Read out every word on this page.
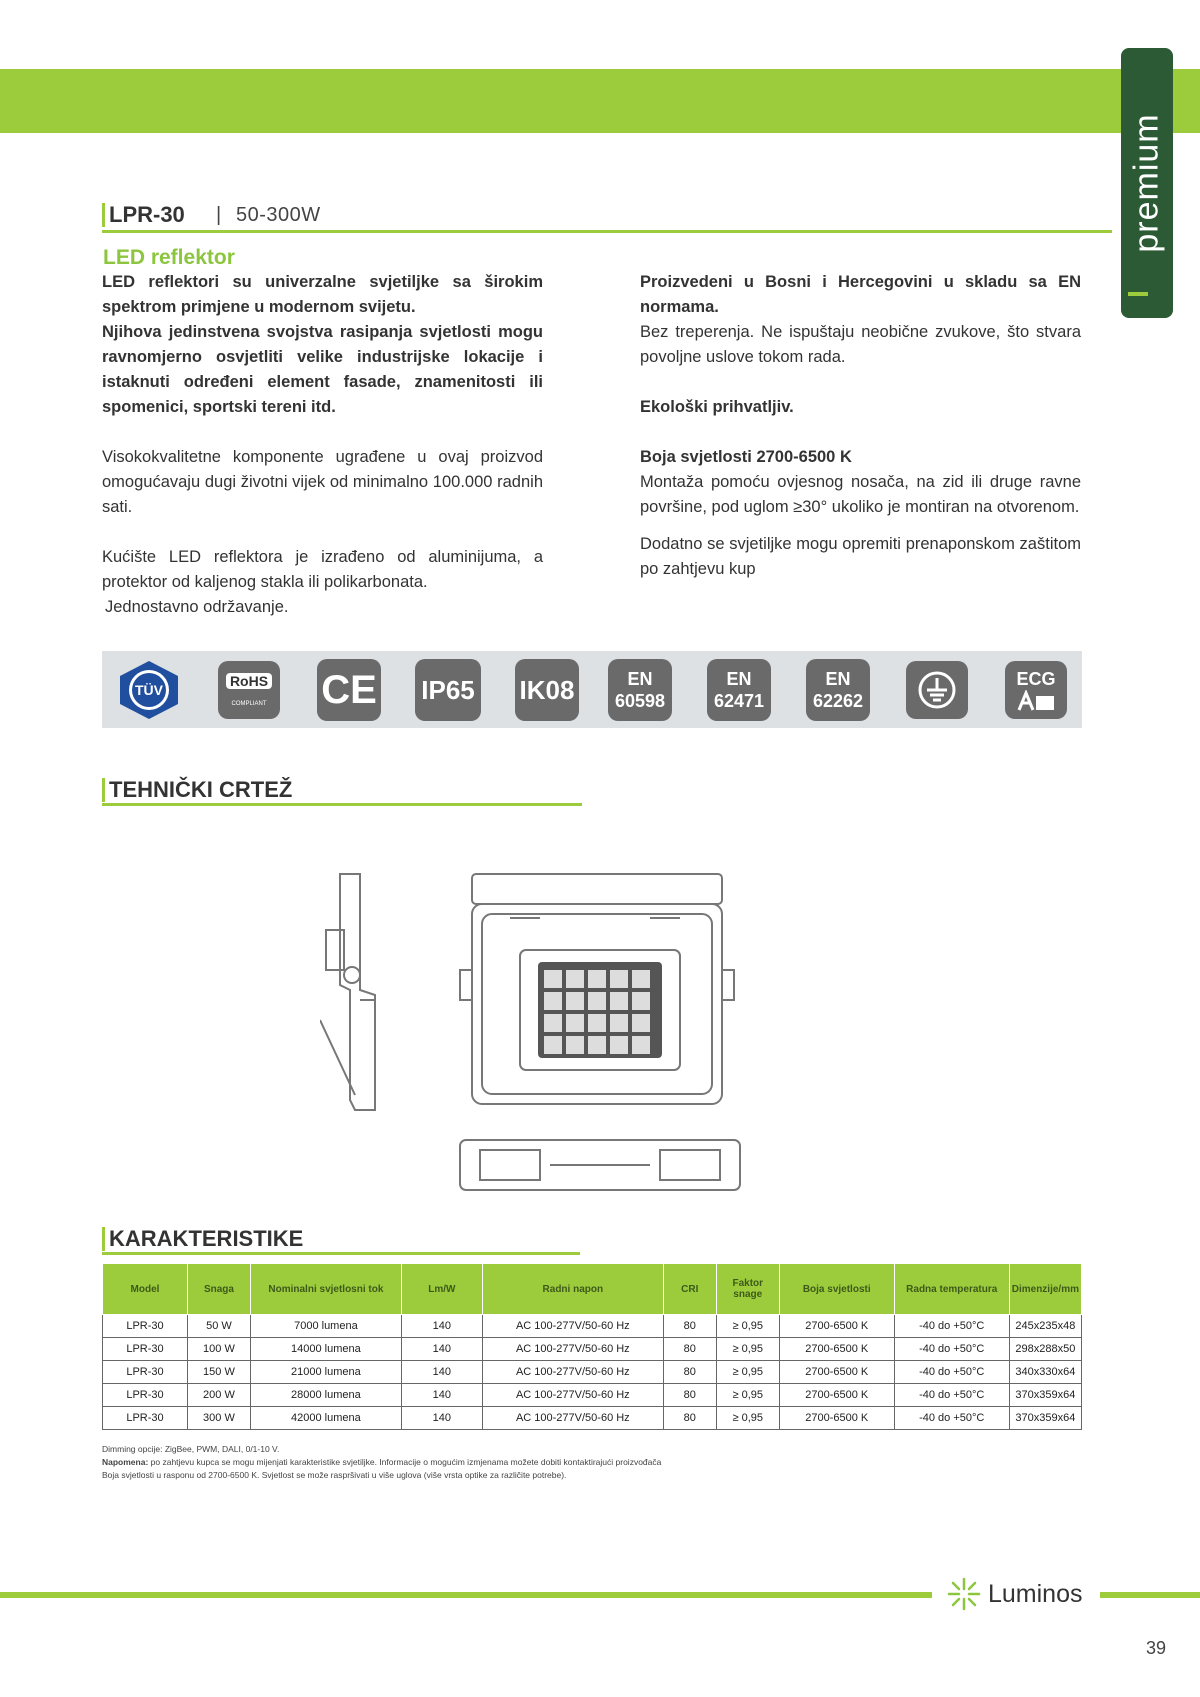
premium
LPR-30 | 50-300W
LED reflektor

LED reflektori su univerzalne svjetiljke sa širokim spektrom primjene u modernom svijetu.

Njihova jedinstvena svojstva rasipanja svjetlosti mogu ravnomjerno osvjetliti velike industrijske lokacije i istaknuti određeni element fasade, znamenitosti ili spomenici, sportski tereni itd.

Visokokvalitetne komponente ugrađene u ovaj proizvod omogućavaju dugi životni vijek od minimalno 100.000 radnih sati.

Kućište LED reflektora je izrađeno od aluminijuma, a protektor od kaljenog stakla ili polikarbonata.

Jednostavno održavanje.

Proizvedeni u Bosni i Hercegovini u skladu sa EN normama.

Bez treperenja. Ne ispuštaju neobične zvukove, što stvara povoljne uslove tokom rada.

Ekološki prihvatljiv.

Boja svjetlosti 2700-6500 K

Montaža pomoću ovjesnog nosača, na zid ili druge ravne površine, pod uglom ≥30° ukoliko je montiran na otvorenom.

Dodatno se svjetiljke mogu opremiti prenaponskom zaštitom po zahtjevu kup

TÜV
RoHS
COMPLIANT CE IP65 IK08	EN
60598
EN
62471
EN
62262
ECG
TEHNIČKI CRTEŽ
KARAKTERISTIKE
Model	Snaga	Nominalni svjetlosni tok	Lm/W	Radni napon	CRI	Faktor snage	Boja svjetlosti	Radna temperatura	Dimenzije/mm
LPR-30	50 W	7000 lumena	140	AC 100-277V/50-60 Hz	80	≥ 0,95	2700-6500 K	-40 do +50°C	245x235x48
LPR-30	100 W	14000 lumena	140	AC 100-277V/50-60 Hz	80	≥ 0,95	2700-6500 K	-40 do +50°C	298x288x50
LPR-30	150 W	21000 lumena	140	AC 100-277V/50-60 Hz	80	≥ 0,95	2700-6500 K	-40 do +50°C	340x330x64
LPR-30	200 W	28000 lumena	140	AC 100-277V/50-60 Hz	80	≥ 0,95	2700-6500 K	-40 do +50°C	370x359x64
LPR-30	300 W	42000 lumena	140	AC 100-277V/50-60 Hz	80	≥ 0,95	2700-6500 K	-40 do +50°C	370x359x64
Dimming opcije: ZigBee, PWM, DALI, 0/1-10 V.
Napomena: po zahtjevu kupca se mogu mijenjati karakteristike svjetiljke. Informacije o mogućim izmjenama možete dobiti kontaktirajući proizvođača
Boja svjetlosti u rasponu od 2700-6500 K. Svjetlost se može raspršivati u više uglova (više vrsta optike za različite potrebe).
Luminos
39
